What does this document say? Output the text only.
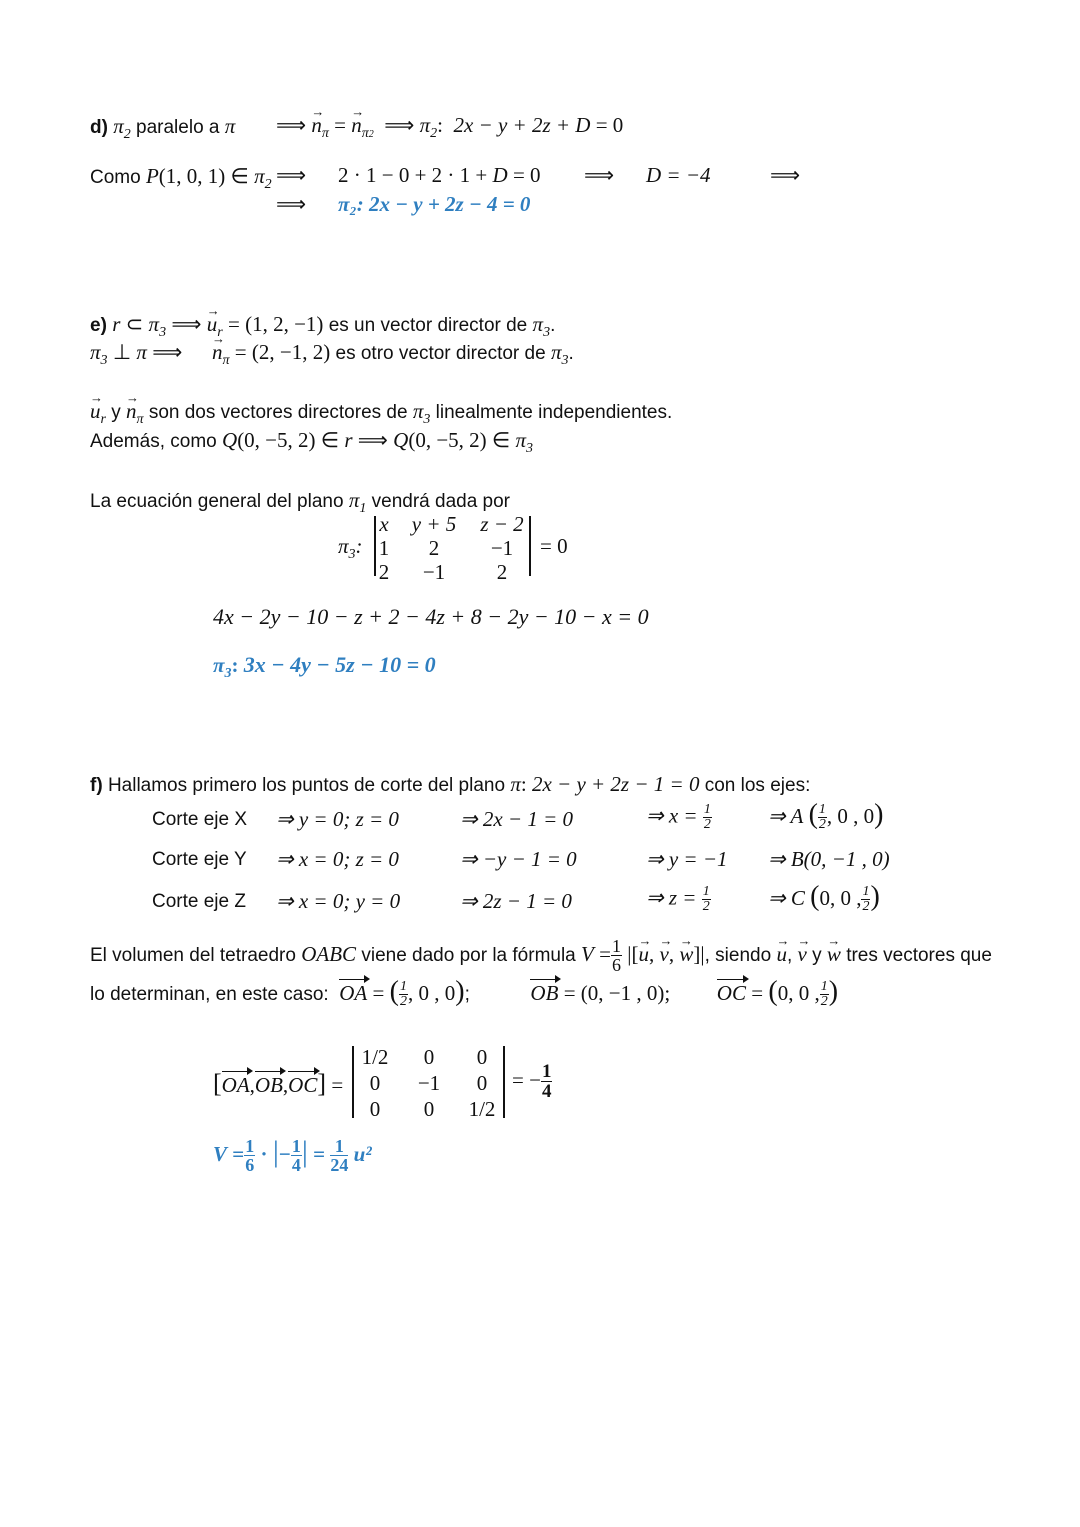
d) $\pi_2$ paralelo a π ⟹ → $n_\pi$ = → $n_{\pi 2}$  ⟹ $\pi_2$:  2x − y + 2z + D = 0
Como P(1, 0, 1) ∈ $\pi_2$ ⟹ 2 · 1 − 0 + 2 · 1 + D = 0 ⟹ D = −4	⟹
⟹ π₂: 2x − y + 2z − 4 = 0
e) r ⊂ $\pi_3$ ⟹ → $u_r = (1$, 2, −1) es un vector director de $\pi_3$.
$\pi_3$ ⊥ π ⟹ → $n_\pi = (2$, −1, 2) es otro vector director de $\pi_3$.
→ $u_r$ $y \to n_\pi$ son dos vectores directores de $\pi_3$ linealmente independientes.
Además, como Q(0, −5, 2) ∈ r ⟹ Q(0, −5, 2) ∈ $\pi_3$
La ecuación general del plano $\pi_1$ vendrá dada por
$\pi_3$:
x	y + 5	z − 2
1	2	−1
2	−1	2
= 0
4x − 2y − 10 − z + 2 − 4z + 8 − 2y − 10 − x = 0
$\pi_3$: 3x − 4y − 5z − 10 = 0
f) Hallamos primero los puntos de corte del plano π: 2x − y + 2z − 1 = 0 con los ejes:
Corte eje X ⇒ y = 0; z = 0	⇒ 2x − 1 = 0	⇒ $x = \frac{1}{2}$	⇒ A ( $\frac{1}{2}$ , 0 , 0)
Corte eje Y ⇒ x = 0; z = 0	⇒ −y − 1 = 0	⇒ y = −1 ⇒ B(0, −1 , 0)
Corte eje Z ⇒ x = 0; y = 0	⇒ 2z − 1 = 0	⇒ $z = \frac{1}{2}$	⇒ C (0, 0 , $\frac{1}{2}$ )
El volumen del tetraedro OABC viene dado por la fórmula $V = \frac{1}{6}$ |[→ u, → v, → w]|, siendo → u, → v y → w tres vectores que
lo determinan, en este caso: OA = ( $\frac{1}{2}$ , 0 , 0);	OB = (0, −1 , 0); OC = (0, 0 , $\frac{1}{2}$ )
[OA,OB,OC] =
1/2	0	0
0	−1	0
0	0	1/2
= − $\frac{1}{4}$
$V = \frac{1}{6}$ · |− $\frac{1}{4}$ | = $\frac{1}{24} u^2$
